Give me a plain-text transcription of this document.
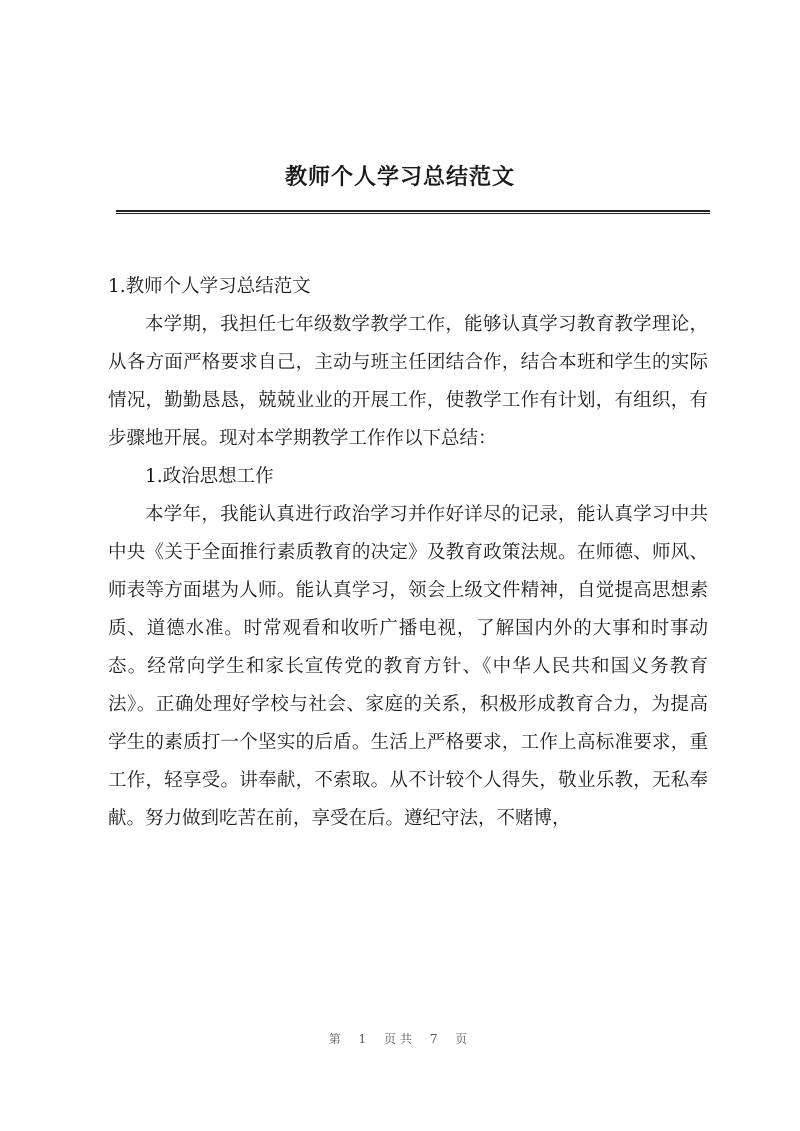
教师个人学习总结范文

1.教师个人学习总结范文

本学期，我担任七年级数学教学工作，能够认真学习教育教学理论，从各方面严格要求自己，主动与班主任团结合作，结合本班和学生的实际情况，勤勤恳恳，兢兢业业的开展工作，使教学工作有计划，有组织，有步骤地开展。现对本学期教学工作作以下总结：

1.政治思想工作

本学年，我能认真进行政治学习并作好详尽的记录，能认真学习中共中央《关于全面推行素质教育的决定》及教育政策法规。在师德、师风、师表等方面堪为人师。能认真学习，领会上级文件精神，自觉提高思想素质、道德水准。时常观看和收听广播电视，了解国内外的大事和时事动态。经常向学生和家长宣传党的教育方针、《中华人民共和国义务教育法》。正确处理好学校与社会、家庭的关系，积极形成教育合力，为提高学生的素质打一个坚实的后盾。生活上严格要求，工作上高标准要求，重工作，轻享受。讲奉献，不索取。从不计较个人得失，敬业乐教，无私奉献。努力做到吃苦在前，享受在后。遵纪守法，不赌博，

第 1 页共 7 页
